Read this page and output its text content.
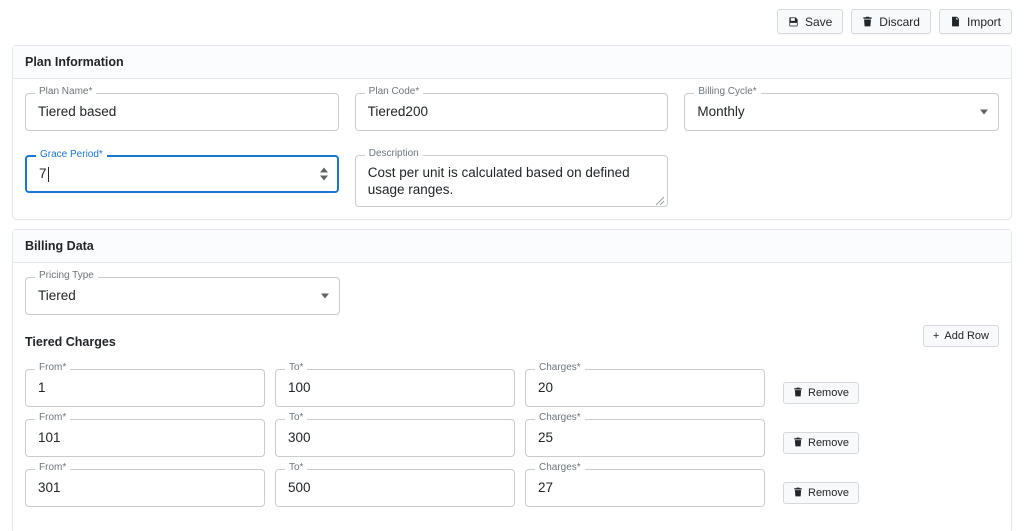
Save	Discard	Import
Plan Information
Plan Name*
Tiered based
Plan Code*
Tiered200
Billing Cycle*
Monthly
Grace Period*
7
Description
Cost per unit is calculated based on defined usage ranges.
Billing Data
Pricing Type
Tiered
Tiered Charges	+ Add Row
From*
1
To*
100
Charges*
20	Remove
From*
101
To*
300
Charges*
25	Remove
From*
301
To*
500
Charges*
27	Remove
